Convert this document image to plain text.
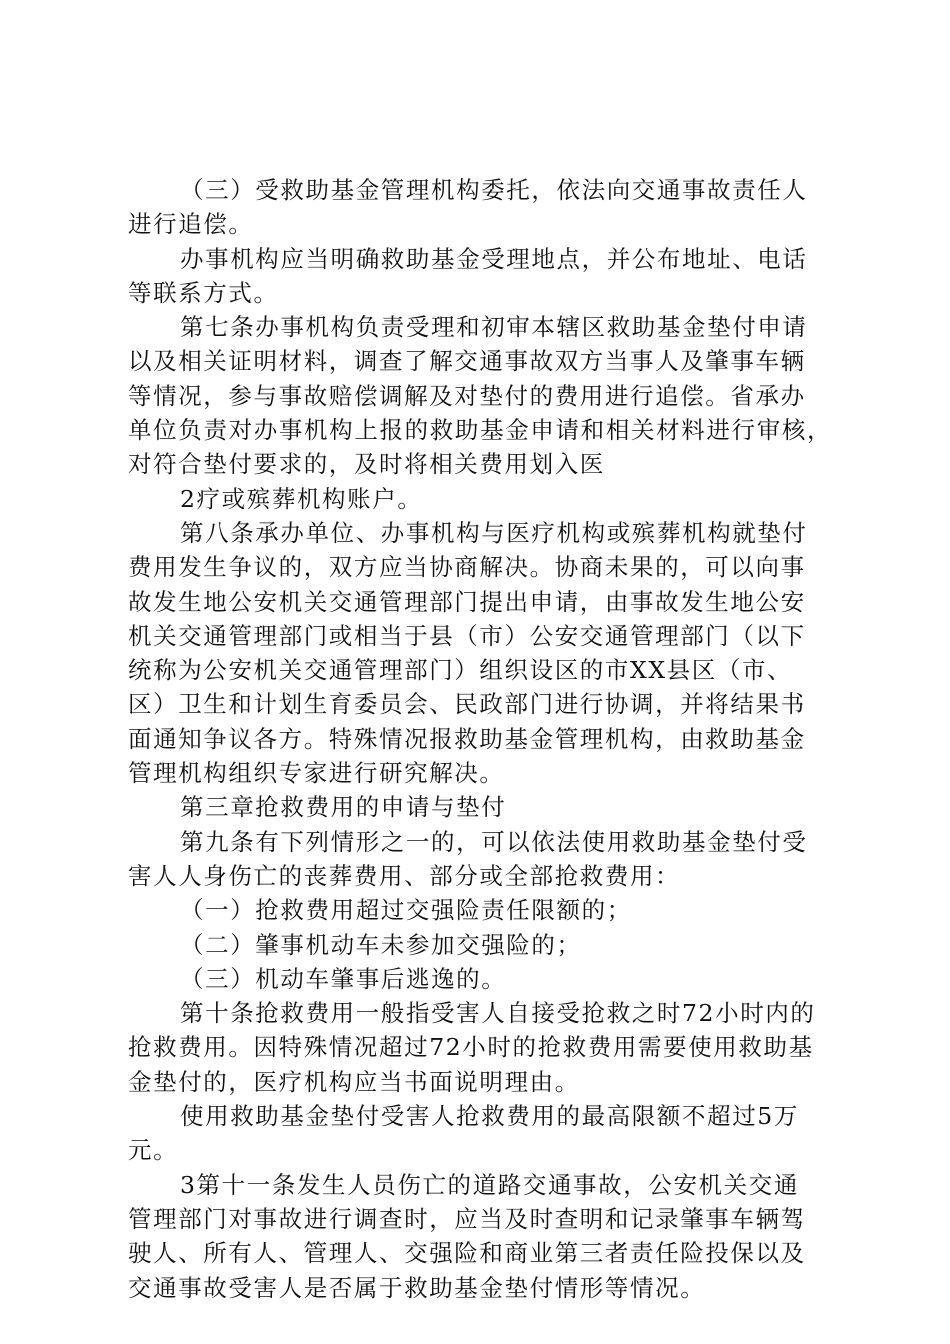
（三）受救助基金管理机构委托，依法向交通事故责任人
进行追偿。
办事机构应当明确救助基金受理地点，并公布地址、电话
等联系方式。
第七条办事机构负责受理和初审本辖区救助基金垫付申请
以及相关证明材料，调查了解交通事故双方当事人及肇事车辆
等情况，参与事故赔偿调解及对垫付的费用进行追偿。省承办
单位负责对办事机构上报的救助基金申请和相关材料进行审核，
对符合垫付要求的，及时将相关费用划入医
2疗或殡葬机构账户。
第八条承办单位、办事机构与医疗机构或殡葬机构就垫付
费用发生争议的，双方应当协商解决。协商未果的，可以向事
故发生地公安机关交通管理部门提出申请，由事故发生地公安
机关交通管理部门或相当于县（市）公安交通管理部门（以下
统称为公安机关交通管理部门）组织设区的市XX县区（市、
区）卫生和计划生育委员会、民政部门进行协调，并将结果书
面通知争议各方。特殊情况报救助基金管理机构，由救助基金
管理机构组织专家进行研究解决。
第三章抢救费用的申请与垫付
第九条有下列情形之一的，可以依法使用救助基金垫付受
害人人身伤亡的丧葬费用、部分或全部抢救费用：
（一）抢救费用超过交强险责任限额的；
（二）肇事机动车未参加交强险的；
（三）机动车肇事后逃逸的。
第十条抢救费用一般指受害人自接受抢救之时72小时内的
抢救费用。因特殊情况超过72小时的抢救费用需要使用救助基
金垫付的，医疗机构应当书面说明理由。
使用救助基金垫付受害人抢救费用的最高限额不超过5万
元。
3第十一条发生人员伤亡的道路交通事故，公安机关交通
管理部门对事故进行调查时，应当及时查明和记录肇事车辆驾
驶人、所有人、管理人、交强险和商业第三者责任险投保以及
交通事故受害人是否属于救助基金垫付情形等情况。
